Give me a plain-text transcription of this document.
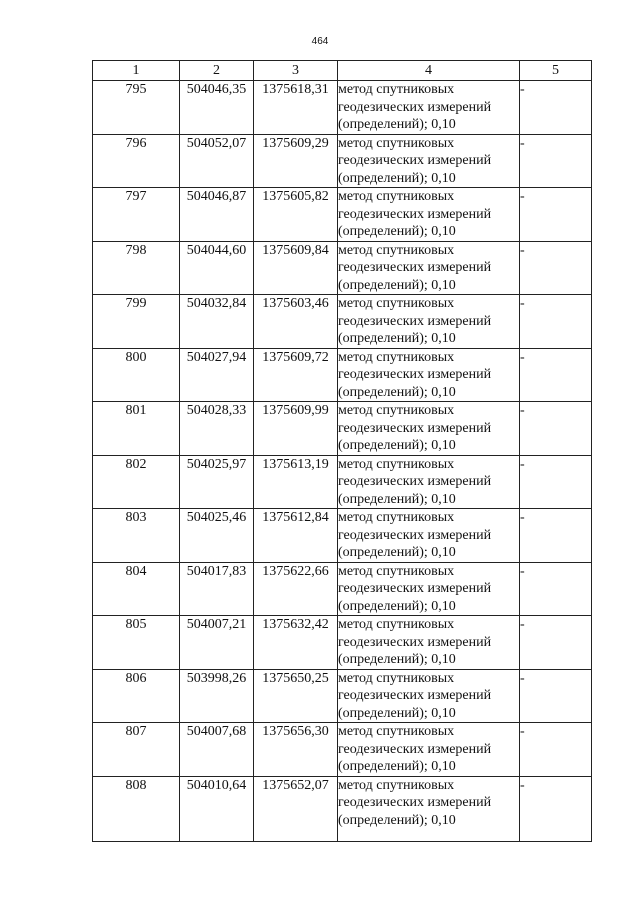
464
1	2	3	4	5
795	504046,35	1375618,31	метод спутниковых
геодезических измерений
(определений); 0,10	-
796	504052,07	1375609,29	метод спутниковых
геодезических измерений
(определений); 0,10	-
797	504046,87	1375605,82	метод спутниковых
геодезических измерений
(определений); 0,10	-
798	504044,60	1375609,84	метод спутниковых
геодезических измерений
(определений); 0,10	-
799	504032,84	1375603,46	метод спутниковых
геодезических измерений
(определений); 0,10	-
800	504027,94	1375609,72	метод спутниковых
геодезических измерений
(определений); 0,10	-
801	504028,33	1375609,99	метод спутниковых
геодезических измерений
(определений); 0,10	-
802	504025,97	1375613,19	метод спутниковых
геодезических измерений
(определений); 0,10	-
803	504025,46	1375612,84	метод спутниковых
геодезических измерений
(определений); 0,10	-
804	504017,83	1375622,66	метод спутниковых
геодезических измерений
(определений); 0,10	-
805	504007,21	1375632,42	метод спутниковых
геодезических измерений
(определений); 0,10	-
806	503998,26	1375650,25	метод спутниковых
геодезических измерений
(определений); 0,10	-
807	504007,68	1375656,30	метод спутниковых
геодезических измерений
(определений); 0,10	-
808	504010,64	1375652,07	метод спутниковых
геодезических измерений
(определений); 0,10	-
